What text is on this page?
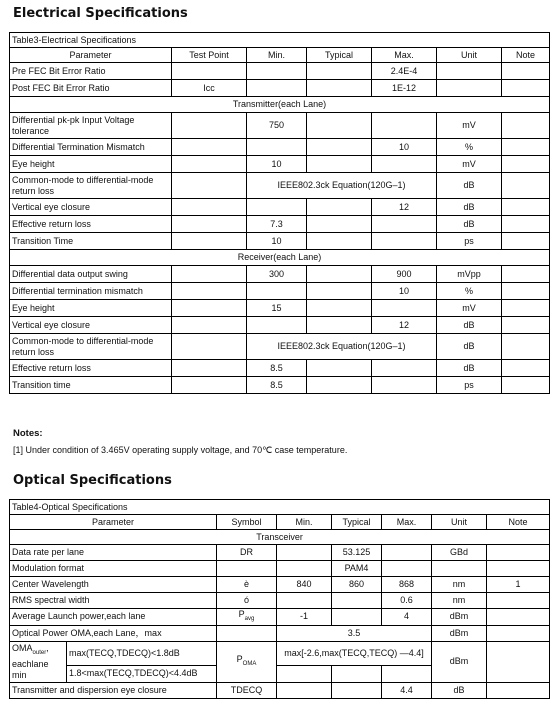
Electrical Specifications
Table3-Electrical Specifications						
Parameter	Test Point	Min.	Typical	Max.	Unit	Note
Pre FEC Bit Error Ratio				2.4E-4		
Post FEC Bit Error Ratio	Icc			1E-12		
Transmitter(each Lane)						
Differential pk-pk Input Voltage tolerance		750			mV	
Differential Termination Mismatch				10	%	
Eye height		10			mV	
Common-mode to differential-mode return loss		IEEE802.3ck Equation(120G–1)			dB	
Vertical eye closure				12	dB	
Effective return loss		7.3			dB	
Transition Time		10			ps	
Receiver(each Lane)						
Differential data output swing		300		900	mVpp	
Differential termination mismatch				10	%	
Eye height		15			mV	
Vertical eye closure				12	dB	
Common-mode to differential-mode return loss		IEEE802.3ck Equation(120G–1)			dB	
Effective return loss		8.5			dB	
Transition time		8.5			ps	
Notes:
[1] Under condition of 3.465V operating supply voltage, and 70℃ case temperature.
Optical Specifications
Table4-Optical Specifications							
Parameter		Symbol	Min.	Typical	Max.	Unit	Note
Transceiver							
Data rate per lane		DR		53.125		GBd	
Modulation format				PAM4			
Center Wavelength		è	840	860	868	nm	1
RMS spectral width		ó			0.6	nm	
Average Launch power,each lane		$P_{avg}$	-1		4	dBm	
Optical Power OMA,each Lane，max			3.5			dBm	
$OMA_{outer}$, eachlane min	max(TECQ,TDECQ)<1.8dB	$P_{OMA}$	max[-2.6,max(TECQ,TECQ) —4.4]			dBm	
	1.8<max(TECQ,TDECQ)<4.4dB						
Transmitter and dispersion eye closure		TDECQ			4.4	dB	
